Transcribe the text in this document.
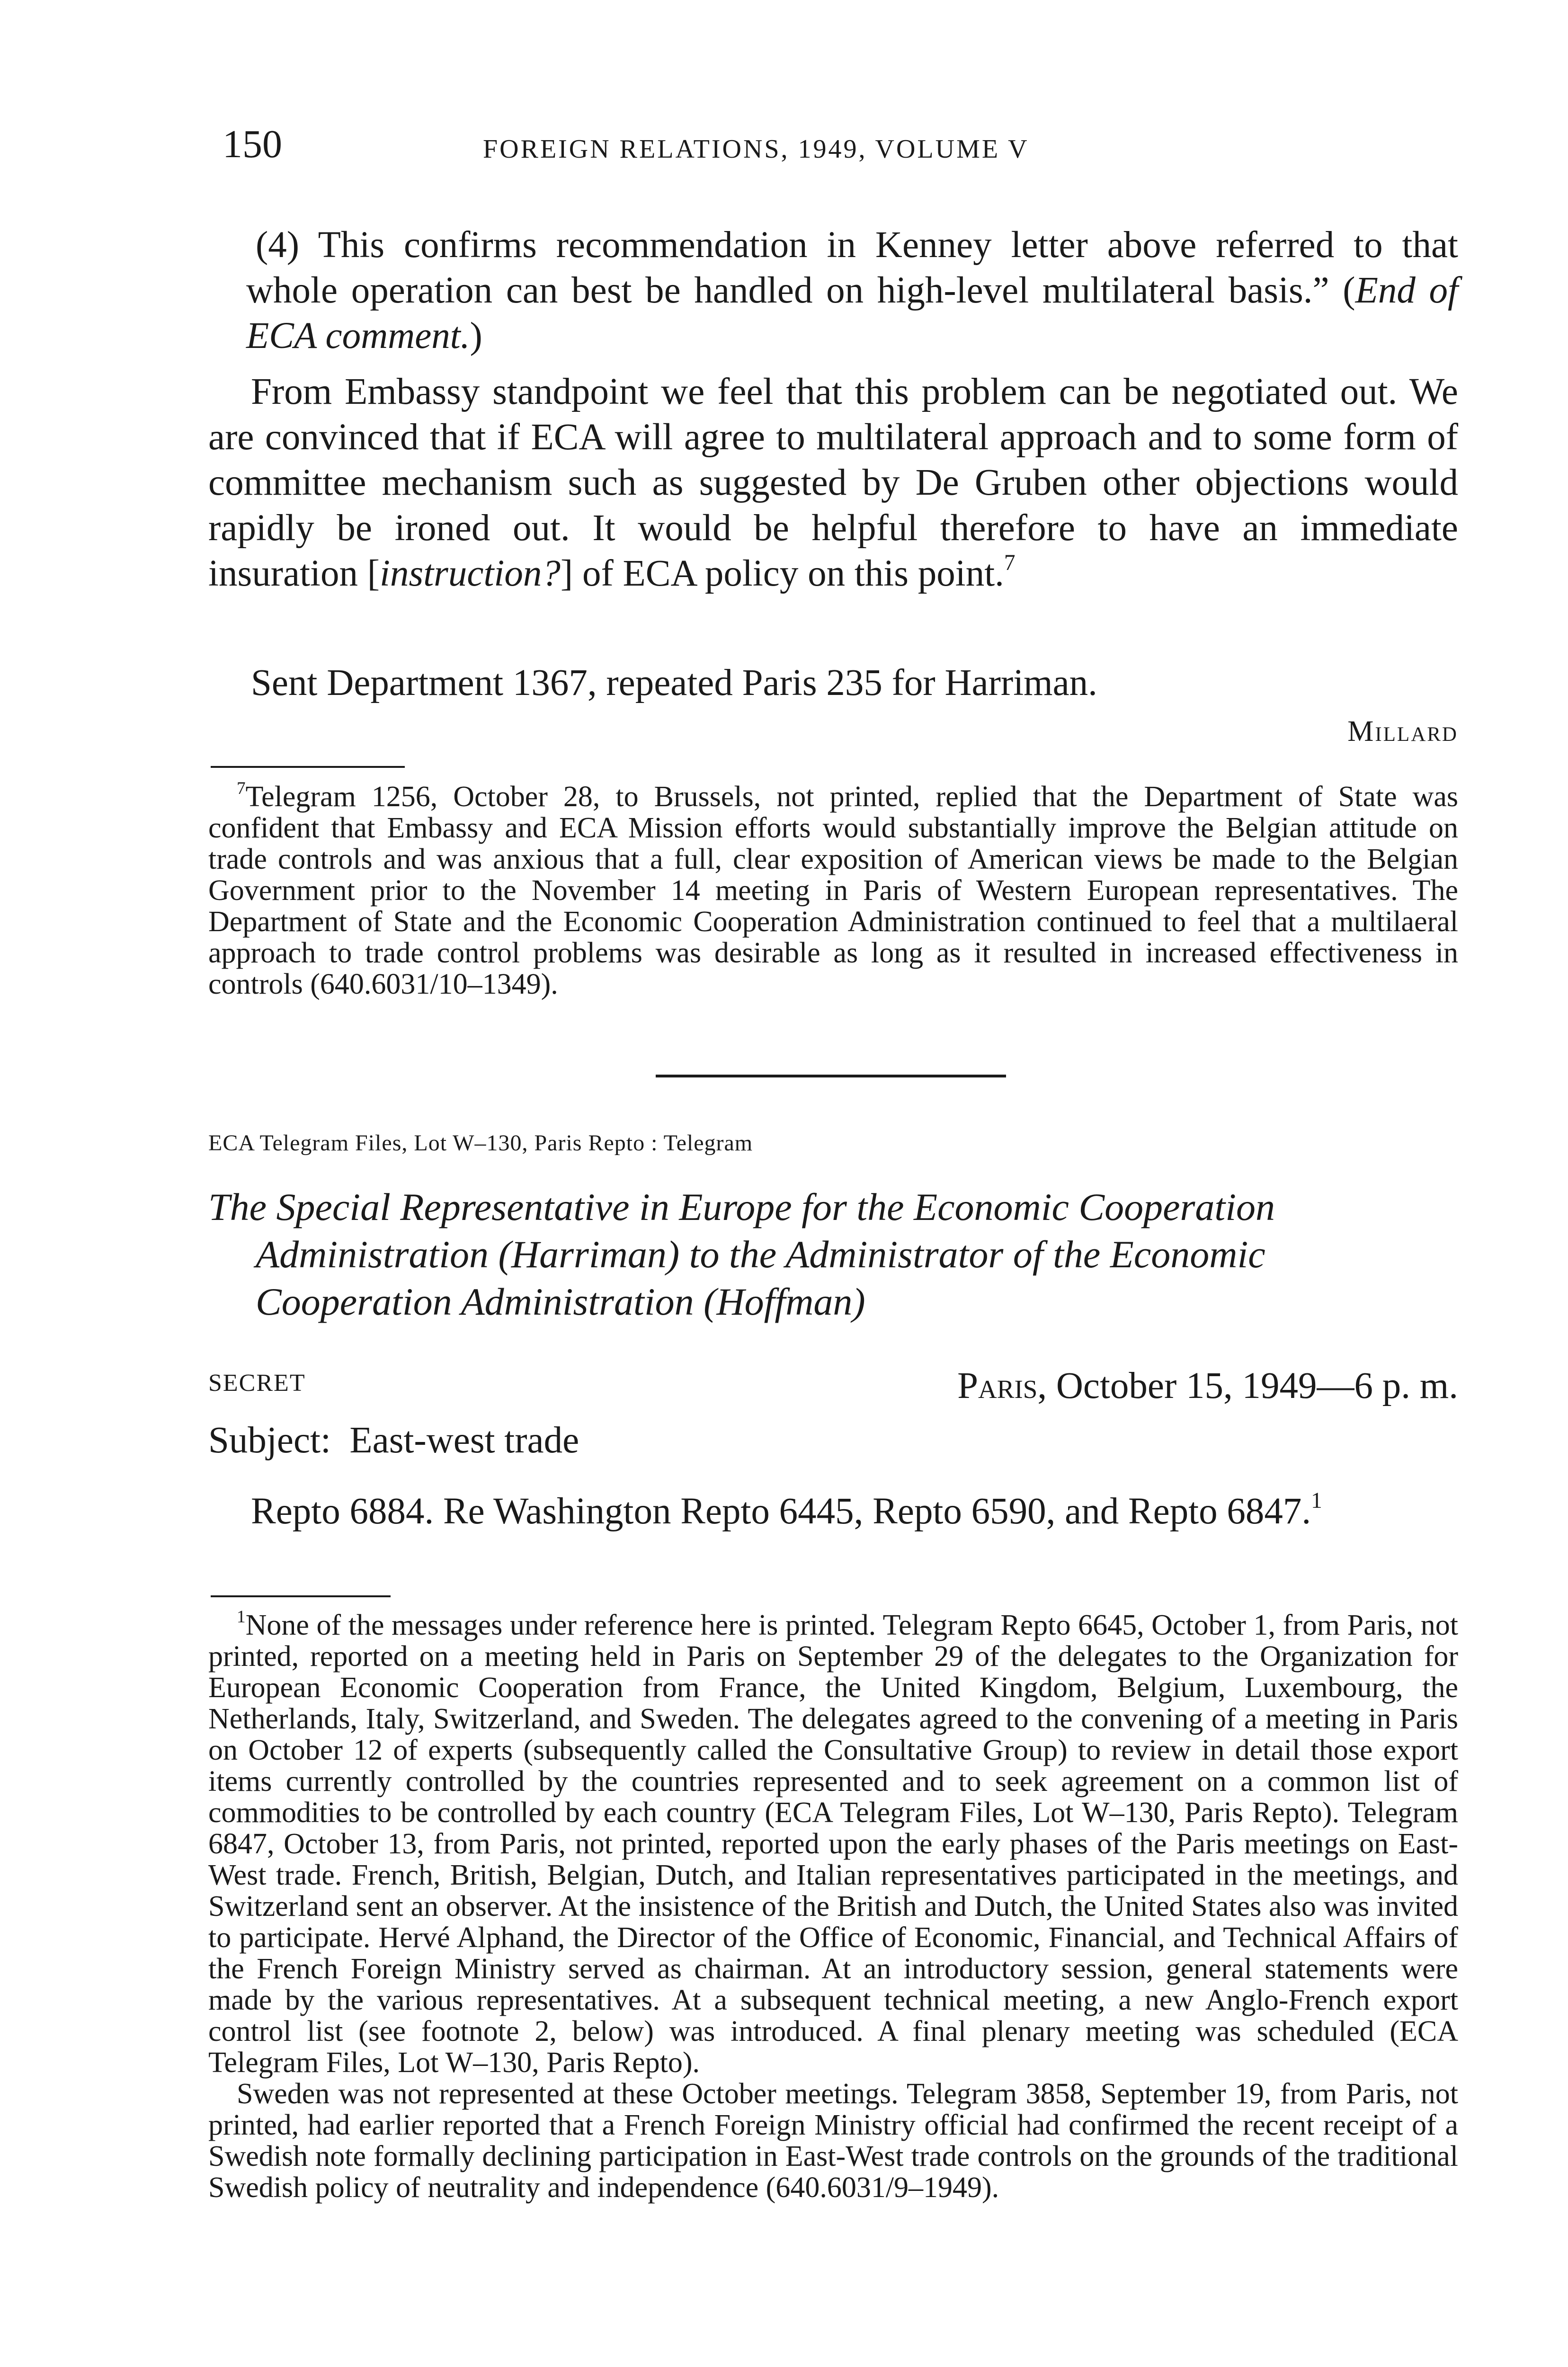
150	FOREIGN RELATIONS, 1949, VOLUME V

(4) This confirms recommendation in Kenney letter above referred to that whole operation can best be handled on high-level multilateral basis.” (End of ECA comment.)

From Embassy standpoint we feel that this problem can be negotiated out. We are convinced that if ECA will agree to multilateral approach and to some form of committee mechanism such as suggested by De Gruben other objections would rapidly be ironed out. It would be helpful therefore to have an immediate insuration [instruction?] of ECA policy on this point.$^7$

Sent Department 1367, repeated Paris 235 for Harriman.

Millard

$^7$Telegram 1256, October 28, to Brussels, not printed, replied that the Department of State was confident that Embassy and ECA Mission efforts would substantially improve the Belgian attitude on trade controls and was anxious that a full, clear exposition of American views be made to the Belgian Government prior to the November 14 meeting in Paris of Western European representatives. The Department of State and the Economic Cooperation Administration continued to feel that a multilaeral approach to trade control problems was desirable as long as it resulted in increased effectiveness in controls (640.6031/10–1349).

ECA Telegram Files, Lot W–130, Paris Repto : Telegram
The Special Representative in Europe for the Economic Cooperation
Administration (Harriman) to the Administrator of the Economic
Cooperation Administration (Hoffman)
SECRET	Paris, October 15, 1949—6 p. m.

Subject: East-west trade

Repto 6884. Re Washington Repto 6445, Repto 6590, and Repto 6847.$^1$

$^1$None of the messages under reference here is printed. Telegram Repto 6645, October 1, from Paris, not printed, reported on a meeting held in Paris on September 29 of the delegates to the Organization for European Economic Cooperation from France, the United Kingdom, Belgium, Luxembourg, the Netherlands, Italy, Switzerland, and Sweden. The delegates agreed to the convening of a meeting in Paris on October 12 of experts (subsequently called the Consultative Group) to review in detail those export items currently controlled by the countries represented and to seek agreement on a common list of commodities to be controlled by each country (ECA Telegram Files, Lot W–130, Paris Repto). Telegram 6847, October 13, from Paris, not printed, reported upon the early phases of the Paris meetings on East-West trade. French, British, Belgian, Dutch, and Italian representatives participated in the meetings, and Switzerland sent an observer. At the insistence of the British and Dutch, the United States also was invited to participate. Hervé Alphand, the Director of the Office of Economic, Financial, and Technical Affairs of the French Foreign Ministry served as chairman. At an introductory session, general statements were made by the various representatives. At a subsequent technical meeting, a new Anglo-French export control list (see footnote 2, below) was introduced. A final plenary meeting was scheduled (ECA Telegram Files, Lot W–130, Paris Repto).

Sweden was not represented at these October meetings. Telegram 3858, September 19, from Paris, not printed, had earlier reported that a French Foreign Ministry official had confirmed the recent receipt of a Swedish note formally declining participation in East-West trade controls on the grounds of the traditional Swedish policy of neutrality and independence (640.6031/9–1949).
